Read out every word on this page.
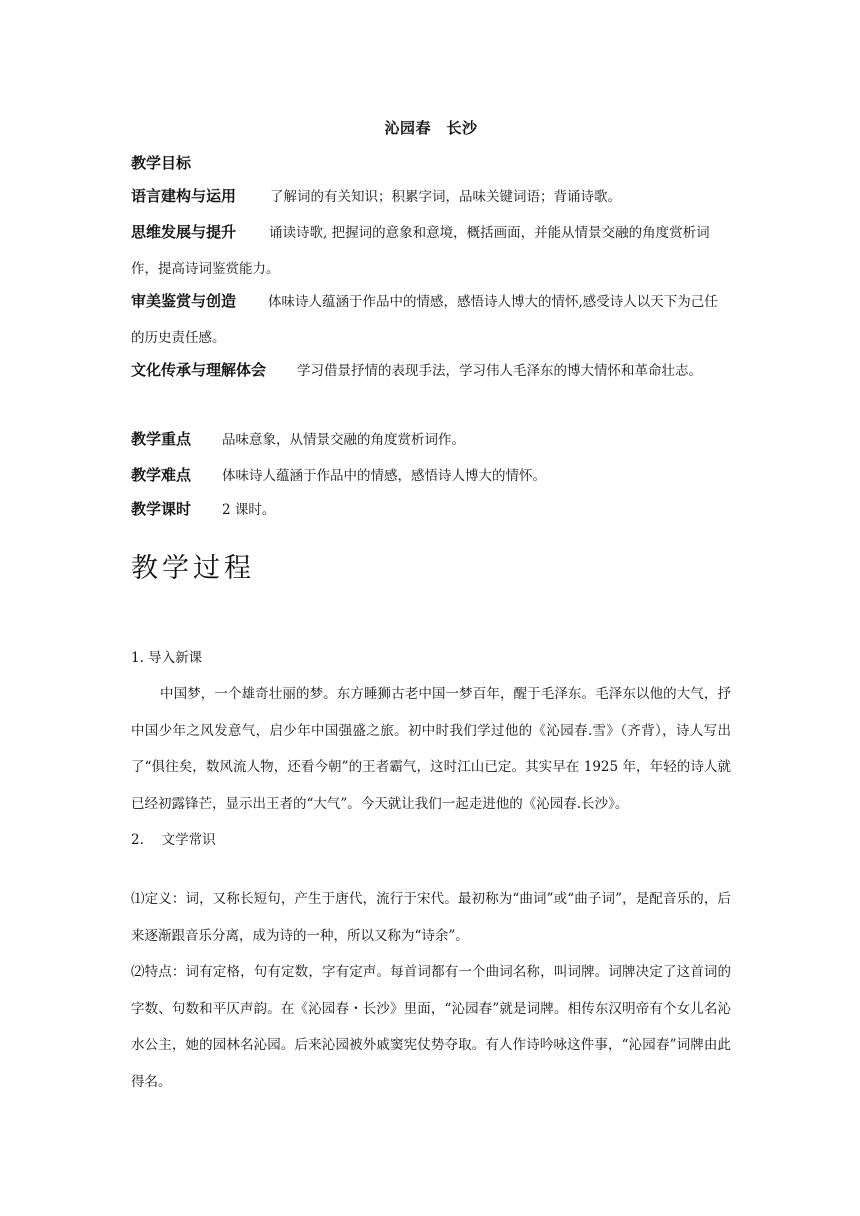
沁园春　长沙
教学目标
语言建构与运用	了解词的有关知识；积累字词，品味关键词语；背诵诗歌。
思维发展与提升 诵读诗歌, 把握词的意象和意境，概括画面，并能从情景交融的角度赏析词作，提高诗词鉴赏能力。
审美鉴赏与创造 体味诗人蕴涵于作品中的情感，感悟诗人博大的情怀,感受诗人以天下为己任的历史责任感。
文化传承与理解体会 学习借景抒情的表现手法，学习伟人毛泽东的博大情怀和革命壮志。
教学重点 品味意象，从情景交融的角度赏析词作。
教学难点 体味诗人蕴涵于作品中的情感，感悟诗人博大的情怀。
教学课时 2 课时。
教学过程
1. 导入新课
中国梦，一个雄奇壮丽的梦。东方睡狮古老中国一梦百年，醒于毛泽东。毛泽东以他的大气，抒中国少年之风发意气，启少年中国强盛之旅。初中时我们学过他的《沁园春.雪》（齐背），诗人写出了“俱往矣，数风流人物，还看今朝”的王者霸气，这时江山已定。其实早在 1925 年，年轻的诗人就已经初露锋芒，显示出王者的“大气”。今天就让我们一起走进他的《沁园春.长沙》。
2.　 文学常识
⑴定义：词，又称长短句，产生于唐代，流行于宋代。最初称为“曲词”或“曲子词”，是配音乐的，后来逐渐跟音乐分离，成为诗的一种，所以又称为“诗余”。
⑵特点：词有定格，句有定数，字有定声。每首词都有一个曲词名称，叫词牌。词牌决定了这首词的字数、句数和平仄声韵。在《沁园春・长沙》里面，“沁园春”就是词牌。相传东汉明帝有个女儿名沁水公主，她的园林名沁园。后来沁园被外戚窦宪仗势夺取。有人作诗吟咏这件事，“沁园春”词牌由此得名。
